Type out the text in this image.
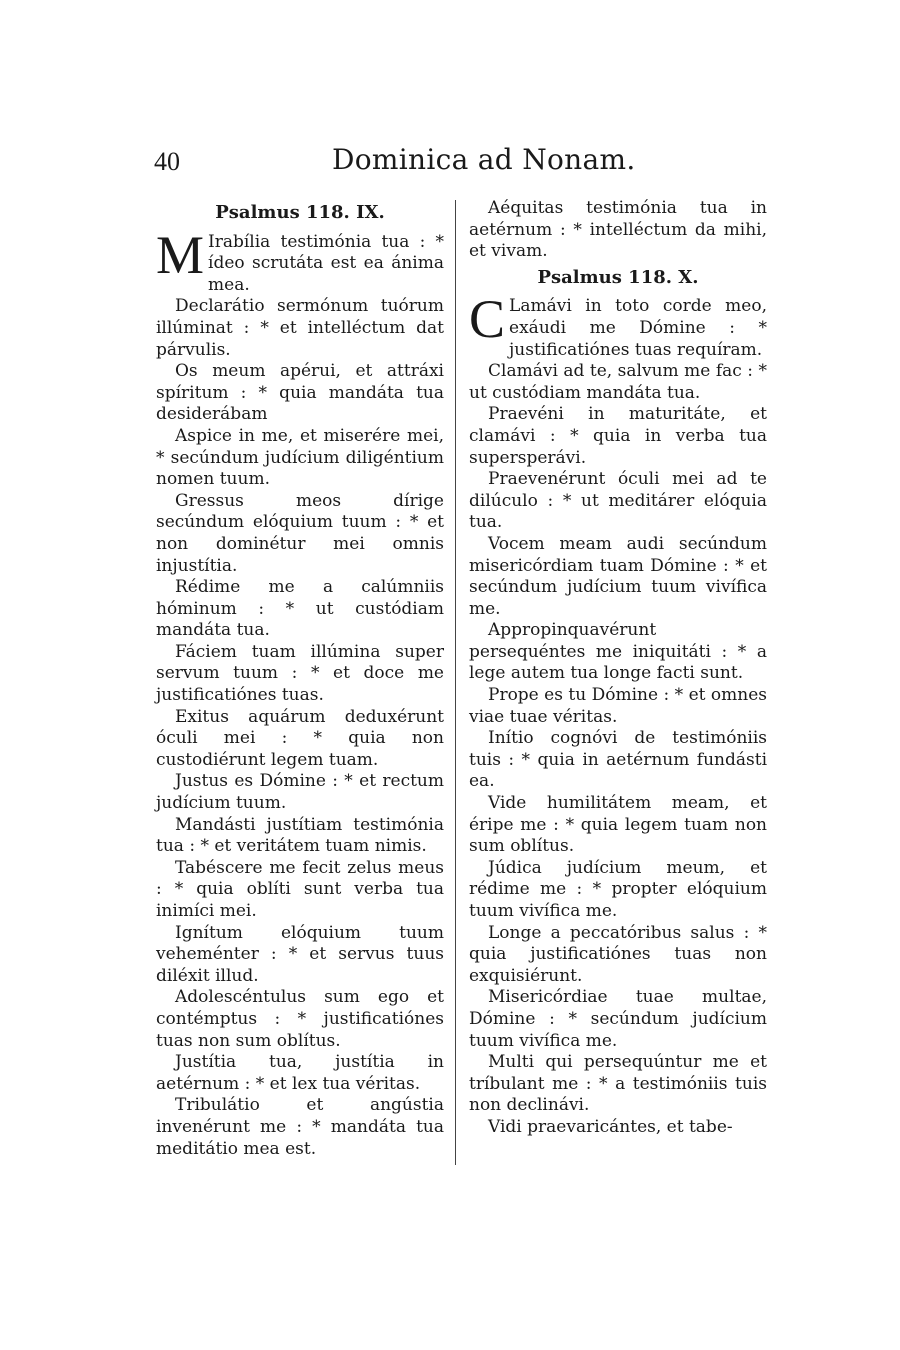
40	Dominica ad Nonam.
Psalmus 118. IX.

M Irabília testimónia tua : * ídeo scrutáta est ea ánima mea.

Declarátio sermónum tuórum illúminat : * et intelléctum dat párvulis.

Os meum apérui, et attráxi spíritum : * quia mandáta tua desiderábam

Aspice in me, et miserére mei, * secúndum judícium diligéntium nomen tuum.

Gressus meos dírige secúndum elóquium tuum : * et non dominétur mei omnis injustítia.

Rédime me a calúmniis hóminum : * ut custódiam mandáta tua.

Fáciem tuam illúmina super servum tuum : * et doce me justificatiónes tuas.

Exitus aquárum deduxérunt óculi mei : * quia non custodiérunt legem tuam.

Justus es Dómine : * et rectum judícium tuum.

Mandásti justítiam testimónia tua : * et veritátem tuam nimis.

Tabéscere me fecit zelus meus : * quia oblíti sunt verba tua inimíci mei.

Ignítum elóquium tuum veheménter : * et servus tuus diléxit illud.

Adolescéntulus sum ego et contémptus : * justificatiónes tuas non sum oblítus.

Justítia tua, justítia in aetérnum : * et lex tua véritas.

Tribulátio et angústia invenérunt me : * mandáta tua meditátio mea est.

Aéquitas testimónia tua in aetérnum : * intelléctum da mihi, et vivam.

Psalmus 118. X.

C Lamávi in toto corde meo, exáudi me Dómine : * justificatiónes tuas requíram.

Clamávi ad te, salvum me fac : * ut custódiam mandáta tua.

Praevéni in maturitáte, et clamávi : * quia in verba tua supersperávi.

Praevenérunt óculi mei ad te dilúculo : * ut meditárer elóquia tua.

Vocem meam audi secúndum misericórdiam tuam Dómine : * et secúndum judícium tuum vivífica me.

Appropinquavérunt persequéntes me iniquitáti : * a lege autem tua longe facti sunt.

Prope es tu Dómine : * et omnes viae tuae véritas.

Inítio cognóvi de testimóniis tuis : * quia in aetérnum fundásti ea.

Vide humilitátem meam, et éripe me : * quia legem tuam non sum oblítus.

Júdica judícium meum, et rédime me : * propter elóquium tuum vivífica me.

Longe a peccatóribus salus : * quia justificatiónes tuas non exquisiérunt.

Misericórdiae tuae multae, Dómine : * secúndum judícium tuum vivífica me.

Multi qui persequúntur me et tríbulant me : * a testimóniis tuis non declinávi.

Vidi praevaricántes, et tabe-
